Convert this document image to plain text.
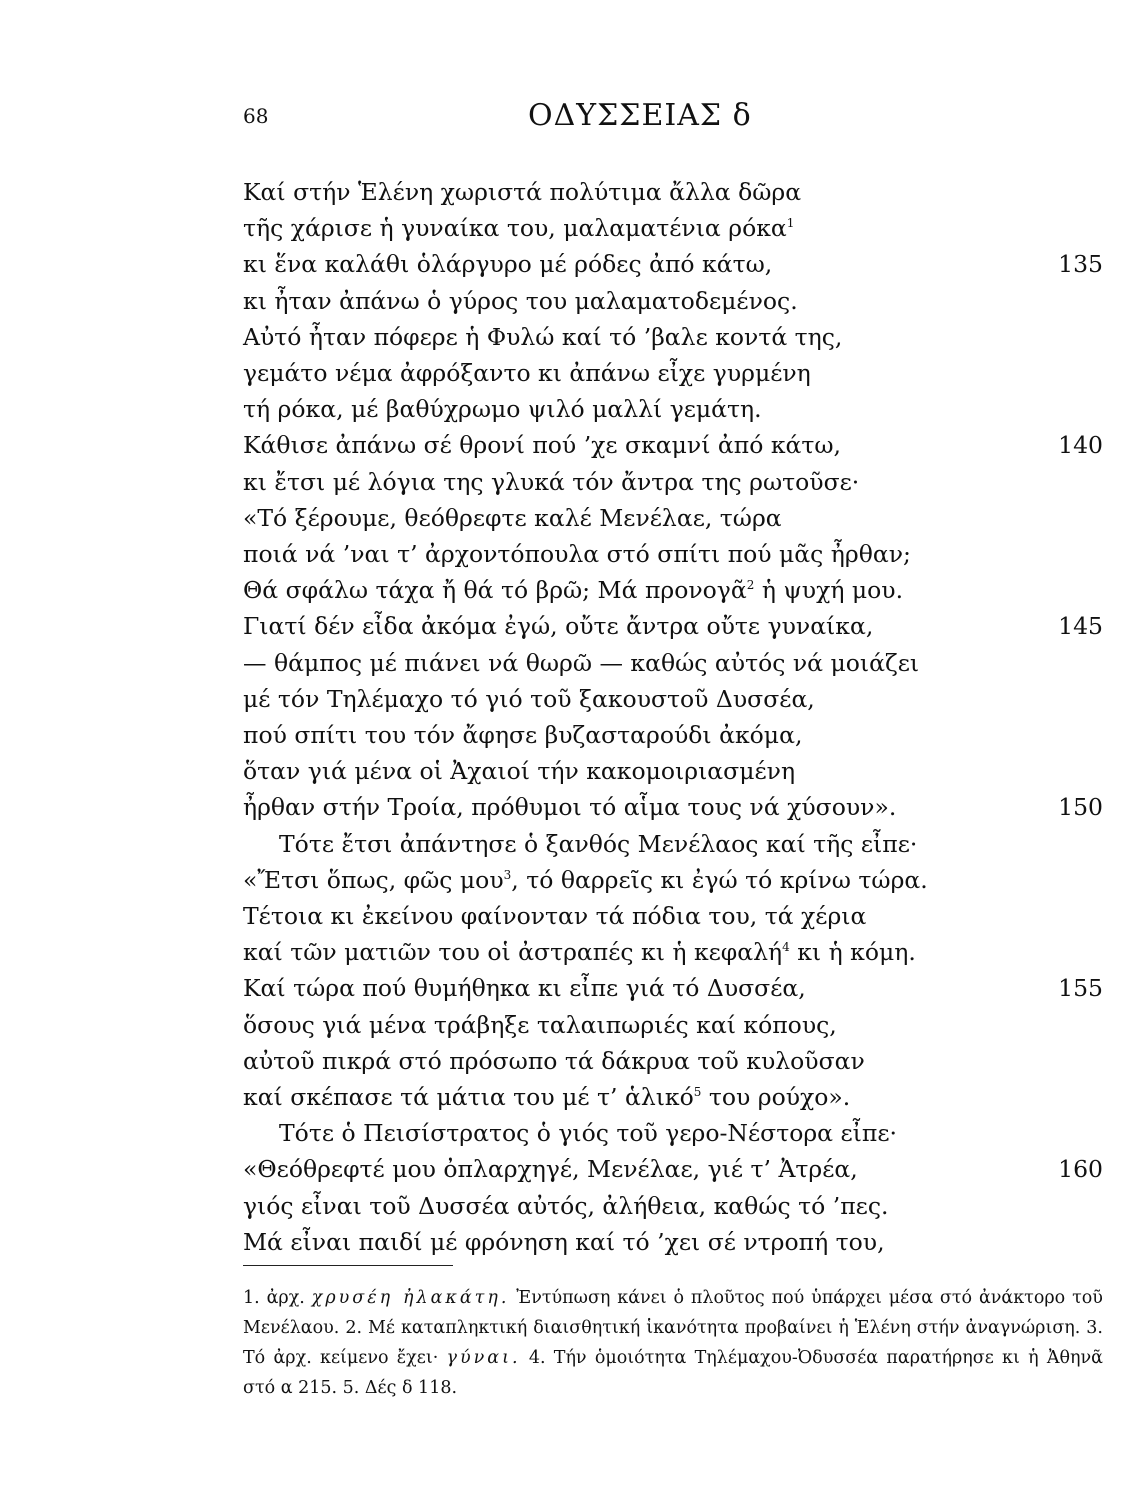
68	ΟΔΥΣΣΕΙΑΣ δ
Καί στήν Ἑλένη χωριστά πολύτιμα ἄλλα δῶρα
τῆς χάρισε ἡ γυναίκα του, μαλαματένια ρόκα$^1$
κι ἕνα καλάθι ὁλάργυρο μέ ρόδες ἀπό κάτω,	135
κι ἦταν ἀπάνω ὁ γύρος του μαλαματοδεμένος.
Αὐτό ἦταν πόφερε ἡ Φυλώ καί τό ’βαλε κοντά της,
γεμάτο νέμα ἀφρόξαντο κι ἀπάνω εἶχε γυρμένη
τή ρόκα, μέ βαθύχρωμο ψιλό μαλλί γεμάτη.
Κάθισε ἀπάνω σέ θρονί πού ’χε σκαμνί ἀπό κάτω,	140
κι ἔτσι μέ λόγια της γλυκά τόν ἄντρα της ρωτοῦσε·
«Τό ξέρουμε, θεόθρεφτε καλέ Μενέλαε, τώρα
ποιά νά ’ναι τ’ ἀρχοντόπουλα στό σπίτι πού μᾶς ἦρθαν;
Θά σφάλω τάχα ἤ θά τό βρῶ; Μά προνογᾶ$^2$ ἡ ψυχή μου.
Γιατί δέν εἶδα ἀκόμα ἐγώ, οὔτε ἄντρα οὔτε γυναίκα,	145
— θάμπος μέ πιάνει νά θωρῶ — καθώς αὐτός νά μοιάζει
μέ τόν Τηλέμαχο τό γιό τοῦ ξακουστοῦ Δυσσέα,
πού σπίτι του τόν ἄφησε βυζασταρούδι ἀκόμα,
ὅταν γιά μένα οἱ Ἀχαιοί τήν κακομοιριασμένη
ἦρθαν στήν Τροία, πρόθυμοι τό αἷμα τους νά χύσουν».	150
Τότε ἔτσι ἀπάντησε ὁ ξανθός Μενέλαος καί τῆς εἶπε·
«Ἔτσι ὅπως, φῶς μου$^3$, τό θαρρεῖς κι ἐγώ τό κρίνω τώρα.
Τέτοια κι ἐκείνου φαίνονταν τά πόδια του, τά χέρια
καί τῶν ματιῶν του οἱ ἀστραπές κι ἡ κεφαλή$^4$ κι ἡ κόμη.
Καί τώρα πού θυμήθηκα κι εἶπε γιά τό Δυσσέα,	155
ὅσους γιά μένα τράβηξε ταλαιπωριές καί κόπους,
αὐτοῦ πικρά στό πρόσωπο τά δάκρυα τοῦ κυλοῦσαν
καί σκέπασε τά μάτια του μέ τ’ ἁλικό$^5$ του ρούχο».
Τότε ὁ Πεισίστρατος ὁ γιός τοῦ γερο-Νέστορα εἶπε·
«Θεόθρεφτέ μου ὀπλαρχηγέ, Μενέλαε, γιέ τ’ Ἀτρέα,	160
γιός εἶναι τοῦ Δυσσέα αὐτός, ἀλήθεια, καθώς τό ’πες.
Μά εἶναι παιδί μέ φρόνηση καί τό ’χει σέ ντροπή του,
1. ἀρχ. χρυσέη ἠλακάτη. Ἐντύπωση κάνει ὁ πλοῦτος πού ὑπάρχει μέσα στό ἀνάκτορο τοῦ Μενέλαου. 2. Μέ καταπληκτική διαισθητική ἱκανότητα προβαίνει ἡ Ἑλένη στήν ἀναγνώριση. 3. Τό ἀρχ. κείμενο ἔχει· γύναι. 4. Τήν ὁμοιότητα Τηλέμαχου-Ὀδυσσέα παρατήρησε κι ἡ Ἀθηνᾶ στό α 215. 5. Δές δ 118.
